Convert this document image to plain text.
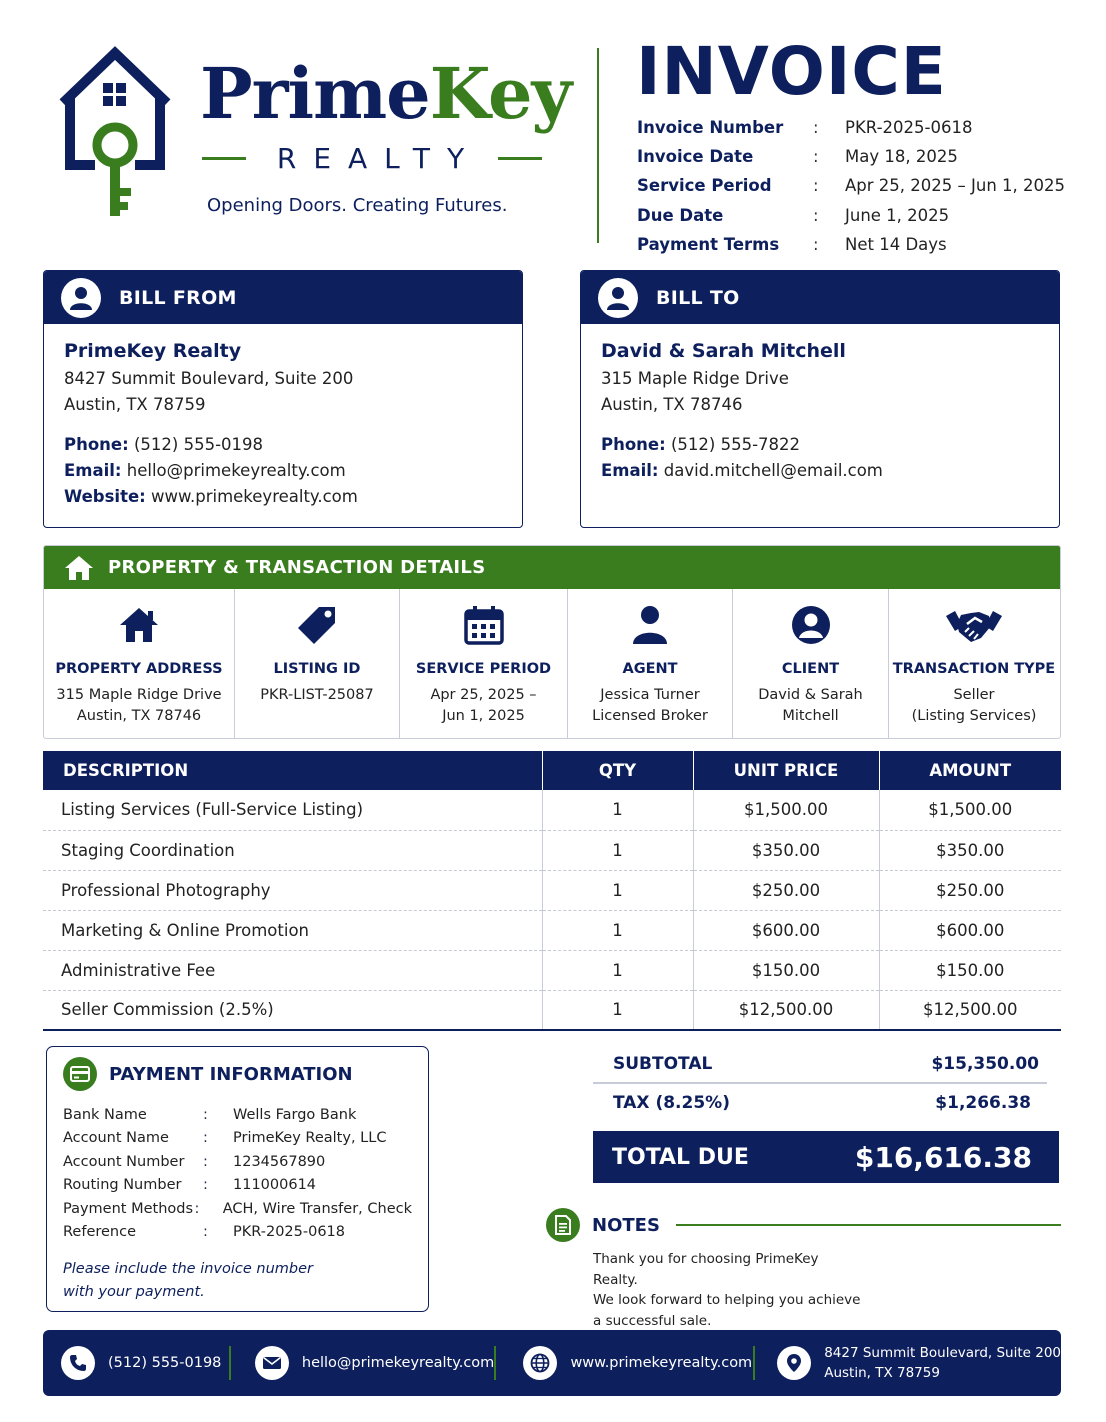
PrimeKey
REALTY
Opening Doors. Creating Futures.
INVOICE
Invoice Number	:	PKR-2025-0618
Invoice Date	:	May 18, 2025
Service Period	:	Apr 25, 2025 – Jun 1, 2025
Due Date	:	June 1, 2025
Payment Terms	:	Net 14 Days
BILL FROM
PrimeKey Realty
8427 Summit Boulevard, Suite 200
Austin, TX 78759
Phone: (512) 555-0198
Email: hello@primekeyrealty.com
Website: www.primekeyrealty.com
BILL TO
David & Sarah Mitchell
315 Maple Ridge Drive
Austin, TX 78746
Phone: (512) 555-7822
Email: david.mitchell@email.com
PROPERTY & TRANSACTION DETAILS
PROPERTY ADDRESS
315 Maple Ridge Drive
Austin, TX 78746
LISTING ID
PKR-LIST-25087
SERVICE PERIOD
Apr 25, 2025 –
Jun 1, 2025
AGENT
Jessica Turner
Licensed Broker
CLIENT
David & Sarah
Mitchell
TRANSACTION TYPE
Seller
(Listing Services)
DESCRIPTION	QTY	UNIT PRICE	AMOUNT
Listing Services (Full-Service Listing)	1	$1,500.00	$1,500.00
Staging Coordination	1	$350.00	$350.00
Professional Photography	1	$250.00	$250.00
Marketing & Online Promotion	1	$600.00	$600.00
Administrative Fee	1	$150.00	$150.00
Seller Commission (2.5%)	1	$12,500.00	$12,500.00
PAYMENT INFORMATION
Bank Name	:	Wells Fargo Bank
Account Name	:	PrimeKey Realty, LLC
Account Number	:	1234567890
Routing Number	:	111000614
Payment Methods :	ACH, Wire Transfer, Check
Reference	:	PKR-2025-0618
Please include the invoice number
with your payment.
SUBTOTAL	$15,350.00
TAX (8.25%)	$1,266.38
TOTAL DUE	$16,616.38
NOTES
Thank you for choosing PrimeKey Realty.
We look forward to helping you achieve
a successful sale.
(512) 555-0198	hello@primekeyrealty.com	www.primekeyrealty.com
8427 Summit Boulevard, Suite 200
Austin, TX 78759
